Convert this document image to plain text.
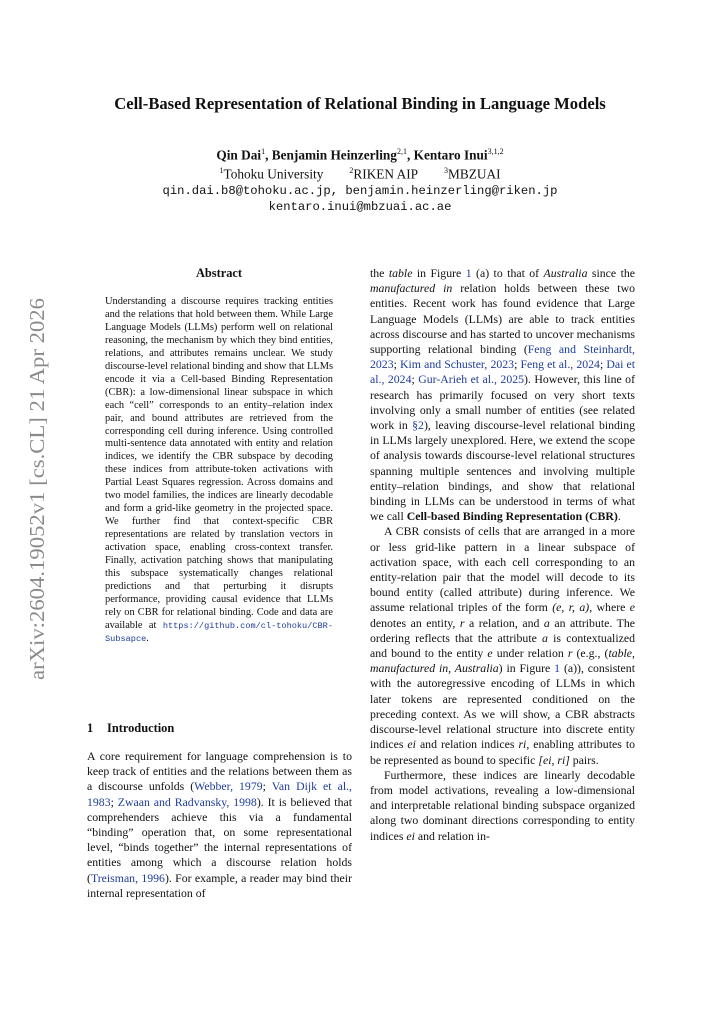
arXiv:2604.19052v1 [cs.CL] 21 Apr 2026
Cell-Based Representation of Relational Binding in Language Models
Qin Dai$^1$, Benjamin Heinzerling$^{2,1}$, Kentaro Inui$^{3,1,2}$
$^1$Tohoku University	$^2$RIKEN AIP	$^3$MBZUAI
qin.dai.b8@tohoku.ac.jp, benjamin.heinzerling@riken.jp
kentaro.inui@mbzuai.ac.ae
Abstract

Understanding a discourse requires tracking entities and the relations that hold between them. While Large Language Models (LLMs) perform well on relational reasoning, the mechanism by which they bind entities, relations, and attributes remains unclear. We study discourse-level relational binding and show that LLMs encode it via a Cell-based Binding Representation (CBR): a low-dimensional linear subspace in which each “cell” corresponds to an entity–relation index pair, and bound attributes are retrieved from the corresponding cell during inference. Using controlled multi-sentence data annotated with entity and relation indices, we identify the CBR subspace by decoding these indices from attribute-token activations with Partial Least Squares regression. Across domains and two model families, the indices are linearly decodable and form a grid-like geometry in the projected space. We further find that context-specific CBR representations are related by translation vectors in activation space, enabling cross-context transfer. Finally, activation patching shows that manipulating this subspace systematically changes relational predictions and that perturbing it disrupts performance, providing causal evidence that LLMs rely on CBR for relational binding. Code and data are available at https://github.com/cl-tohoku/CBR-Subsapce.

1 Introduction

A core requirement for language comprehension is to keep track of entities and the relations between them as a discourse unfolds (Webber, 1979; Van Dijk et al., 1983; Zwaan and Radvansky, 1998). It is believed that comprehenders achieve this via a fundamental “binding” operation that, on some representational level, “binds together” the internal representations of entities among which a discourse relation holds (Treisman, 1996). For example, a reader may bind their internal representation of

the table in Figure 1 (a) to that of Australia since the manufactured in relation holds between these two entities. Recent work has found evidence that Large Language Models (LLMs) are able to track entities across discourse and has started to uncover mechanisms supporting relational binding (Feng and Steinhardt, 2023; Kim and Schuster, 2023; Feng et al., 2024; Dai et al., 2024; Gur-Arieh et al., 2025). However, this line of research has primarily focused on very short texts involving only a small number of entities (see related work in §2), leaving discourse-level relational binding in LLMs largely unexplored. Here, we extend the scope of analysis towards discourse-level relational structures spanning multiple sentences and involving multiple entity–relation bindings, and show that relational binding in LLMs can be understood in terms of what we call Cell-based Binding Representation (CBR).

A CBR consists of cells that are arranged in a more or less grid-like pattern in a linear subspace of activation space, with each cell corresponding to an entity-relation pair that the model will decode to its bound entity (called attribute) during inference. We assume relational triples of the form (e, r, a), where e denotes an entity, r a relation, and a an attribute. The ordering reflects that the attribute a is contextualized and bound to the entity e under relation r (e.g., (table, manufactured in, Australia) in Figure 1 (a)), consistent with the autoregressive encoding of LLMs in which later tokens are represented conditioned on the preceding context. As we will show, a CBR abstracts discourse-level relational structure into discrete entity indices ei and relation indices ri, enabling attributes to be represented as bound to specific [ei, ri] pairs.

Furthermore, these indices are linearly decodable from model activations, revealing a low-dimensional and interpretable relational binding subspace organized along two dominant directions corresponding to entity indices ei and relation in-
